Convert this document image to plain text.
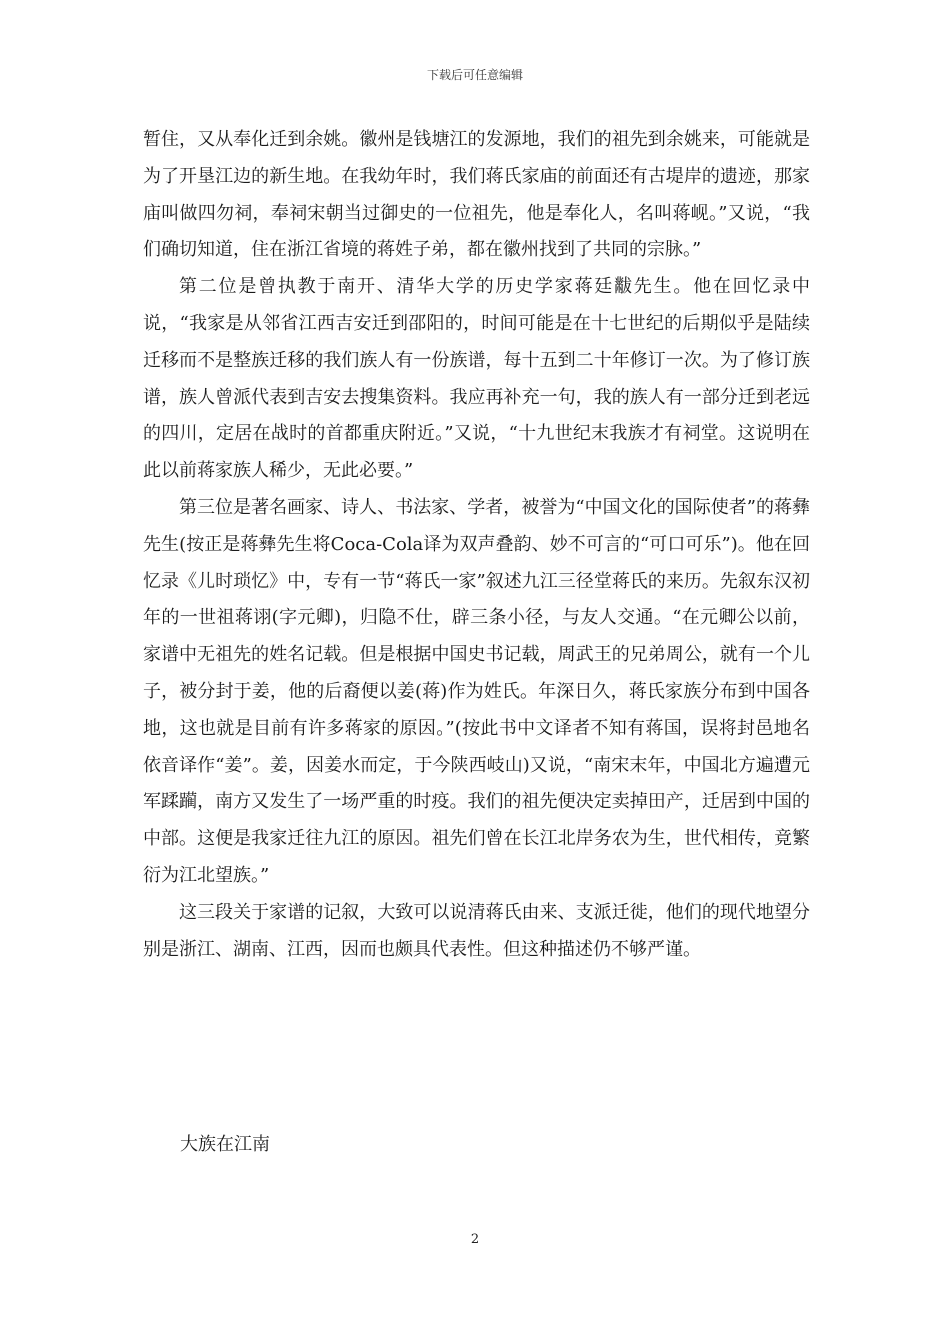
下载后可任意编辑

暂住，又从奉化迁到余姚。徽州是钱塘江的发源地，我们的祖先到余姚来，可能就是为了开垦江边的新生地。在我幼年时，我们蒋氏家庙的前面还有古堤岸的遗迹，那家庙叫做四勿祠，奉祠宋朝当过御史的一位祖先，他是奉化人，名叫蒋岘。”又说，“我们确切知道，住在浙江省境的蒋姓子弟，都在徽州找到了共同的宗脉。”

第二位是曾执教于南开、清华大学的历史学家蒋廷黻先生。他在回忆录中说，“我家是从邻省江西吉安迁到邵阳的，时间可能是在十七世纪的后期似乎是陆续迁移而不是整族迁移的我们族人有一份族谱，每十五到二十年修订一次。为了修订族谱，族人曾派代表到吉安去搜集资料。我应再补充一句，我的族人有一部分迁到老远的四川，定居在战时的首都重庆附近。”又说，“十九世纪末我族才有祠堂。这说明在此以前蒋家族人稀少，无此必要。”

第三位是著名画家、诗人、书法家、学者，被誉为“中国文化的国际使者”的蒋彝先生(按正是蒋彝先生将Coca-Cola译为双声叠韵、妙不可言的“可口可乐”)。他在回忆录《儿时琐忆》中，专有一节“蒋氏一家”叙述九江三径堂蒋氏的来历。先叙东汉初年的一世祖蒋诩(字元卿)，归隐不仕，辟三条小径，与友人交通。“在元卿公以前，家谱中无祖先的姓名记载。但是根据中国史书记载，周武王的兄弟周公，就有一个儿子，被分封于姜，他的后裔便以姜(蒋)作为姓氏。年深日久，蒋氏家族分布到中国各地，这也就是目前有许多蒋家的原因。”(按此书中文译者不知有蒋国，误将封邑地名依音译作“姜”。姜，因姜水而定，于今陕西岐山)又说，“南宋末年，中国北方遍遭元军蹂躏，南方又发生了一场严重的时疫。我们的祖先便决定卖掉田产，迁居到中国的中部。这便是我家迁往九江的原因。祖先们曾在长江北岸务农为生，世代相传，竟繁衍为江北望族。”

这三段关于家谱的记叙，大致可以说清蒋氏由来、支派迁徙，他们的现代地望分别是浙江、湖南、江西，因而也颇具代表性。但这种描述仍不够严谨。

大族在江南
2
